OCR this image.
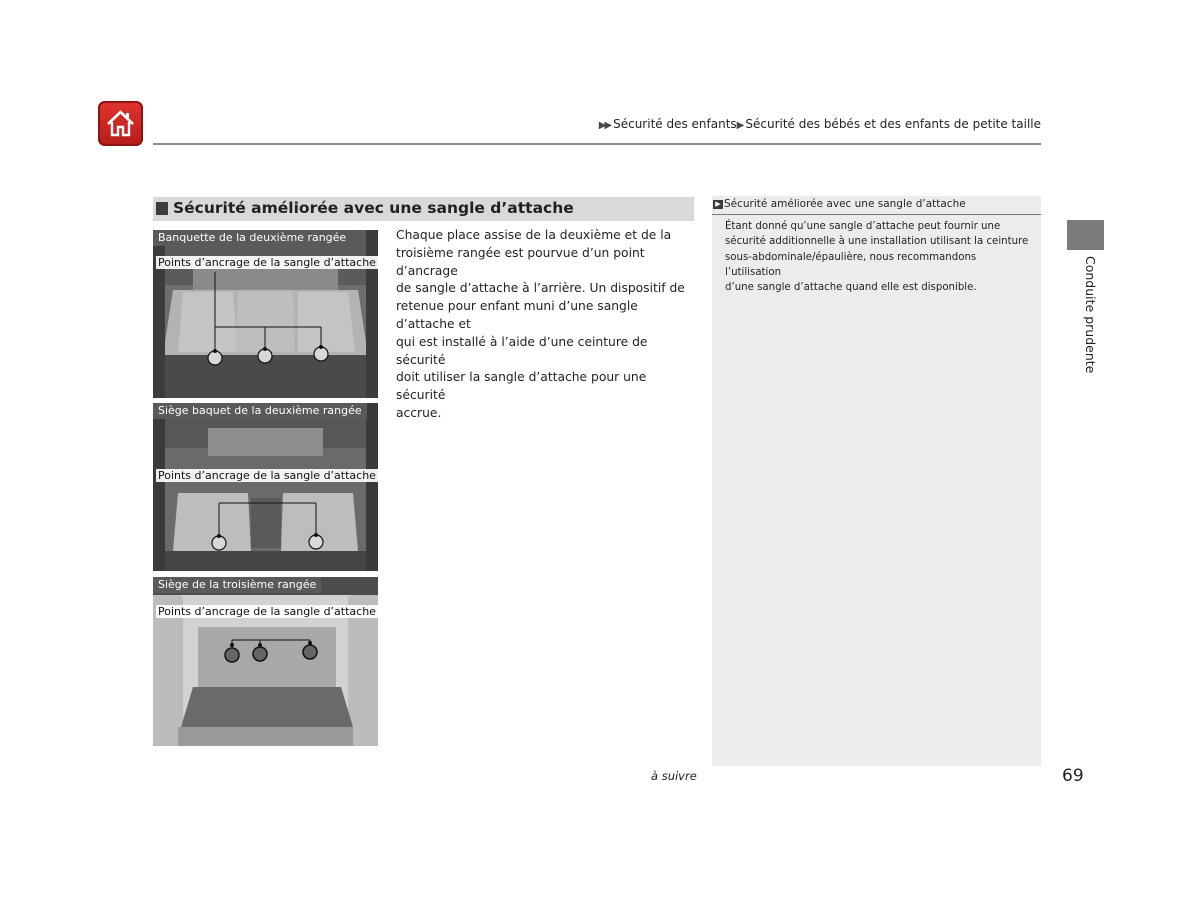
▶▶ Sécurité des enfants▶ Sécurité des bébés et des enfants de petite taille
Sécurité améliorée avec une sangle d’attache
Banquette de la deuxième rangée
Points d’ancrage de la sangle d’attache
Siège baquet de la deuxième rangée
Points d’ancrage de la sangle d’attache
Siège de la troisième rangée
Points d’ancrage de la sangle d’attache
Chaque place assise de la deuxième et de la
troisième rangée est pourvue d’un point d’ancrage
de sangle d’attache à l’arrière. Un dispositif de
retenue pour enfant muni d’une sangle d’attache et
qui est installé à l’aide d’une ceinture de sécurité
doit utiliser la sangle d’attache pour une sécurité
accrue.
▶ Sécurité améliorée avec une sangle d’attache
Étant donné qu’une sangle d’attache peut fournir une
sécurité additionnelle à une installation utilisant la ceinture
sous-abdominale/épaulière, nous recommandons l’utilisation
d’une sangle d’attache quand elle est disponible.	Conduite prudente
à suivre	69
